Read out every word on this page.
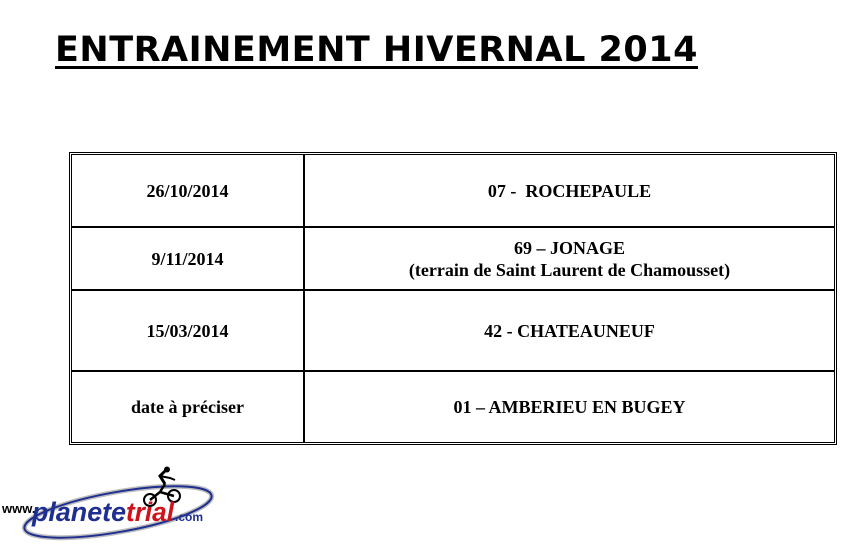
ENTRAINEMENT HIVERNAL 2014
26/10/2014	07 -  ROCHEPAULE
9/11/2014	69 – JONAGE
(terrain de Saint Laurent de Chamousset)

15/03/2014	42 - CHATEAUNEUF
date à préciser	01 – AMBERIEU EN BUGEY
www.
planete trial .com
